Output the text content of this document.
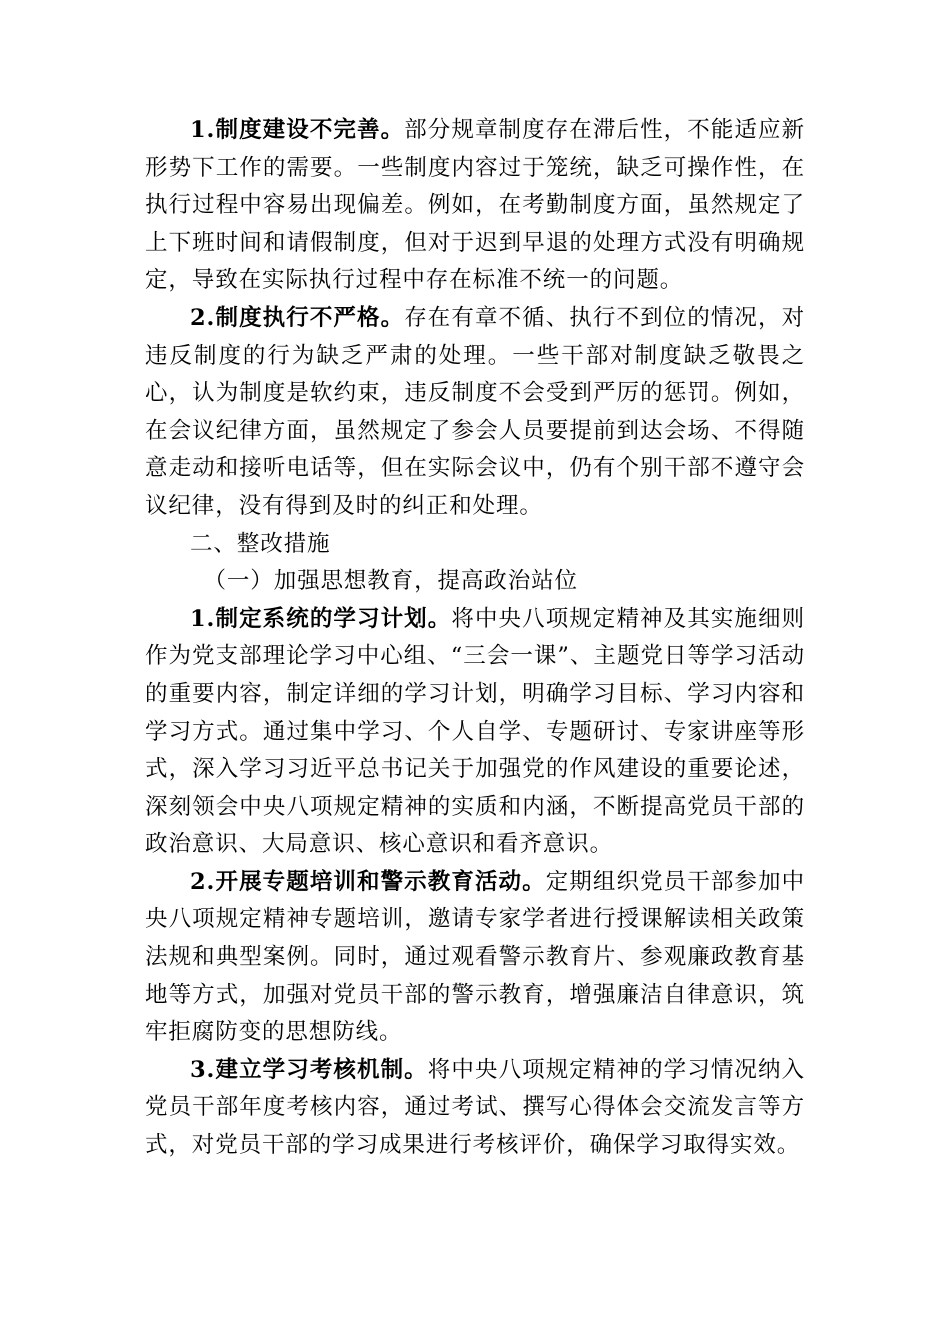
1.制度建设不完善。部分规章制度存在滞后性，不能适应新形势下工作的需要。一些制度内容过于笼统，缺乏可操作性，在执行过程中容易出现偏差。例如，在考勤制度方面，虽然规定了上下班时间和请假制度，但对于迟到早退的处理方式没有明确规定，导致在实际执行过程中存在标准不统一的问题。

2.制度执行不严格。存在有章不循、执行不到位的情况，对违反制度的行为缺乏严肃的处理。一些干部对制度缺乏敬畏之心，认为制度是软约束，违反制度不会受到严厉的惩罚。例如，在会议纪律方面，虽然规定了参会人员要提前到达会场、不得随意走动和接听电话等，但在实际会议中，仍有个别干部不遵守会议纪律，没有得到及时的纠正和处理。

二、整改措施

（一）加强思想教育，提高政治站位

1.制定系统的学习计划。将中央八项规定精神及其实施细则作为党支部理论学习中心组、“三会一课”、主题党日等学习活动的重要内容，制定详细的学习计划，明确学习目标、学习内容和学习方式。通过集中学习、个人自学、专题研讨、专家讲座等形式，深入学习习近平总书记关于加强党的作风建设的重要论述，深刻领会中央八项规定精神的实质和内涵，不断提高党员干部的政治意识、大局意识、核心意识和看齐意识。

2.开展专题培训和警示教育活动。定期组织党员干部参加中央八项规定精神专题培训，邀请专家学者进行授课解读相关政策法规和典型案例。同时，通过观看警示教育片、参观廉政教育基地等方式，加强对党员干部的警示教育，增强廉洁自律意识，筑牢拒腐防变的思想防线。

3.建立学习考核机制。将中央八项规定精神的学习情况纳入党员干部年度考核内容，通过考试、撰写心得体会交流发言等方式，对党员干部的学习成果进行考核评价，确保学习取得实效。
